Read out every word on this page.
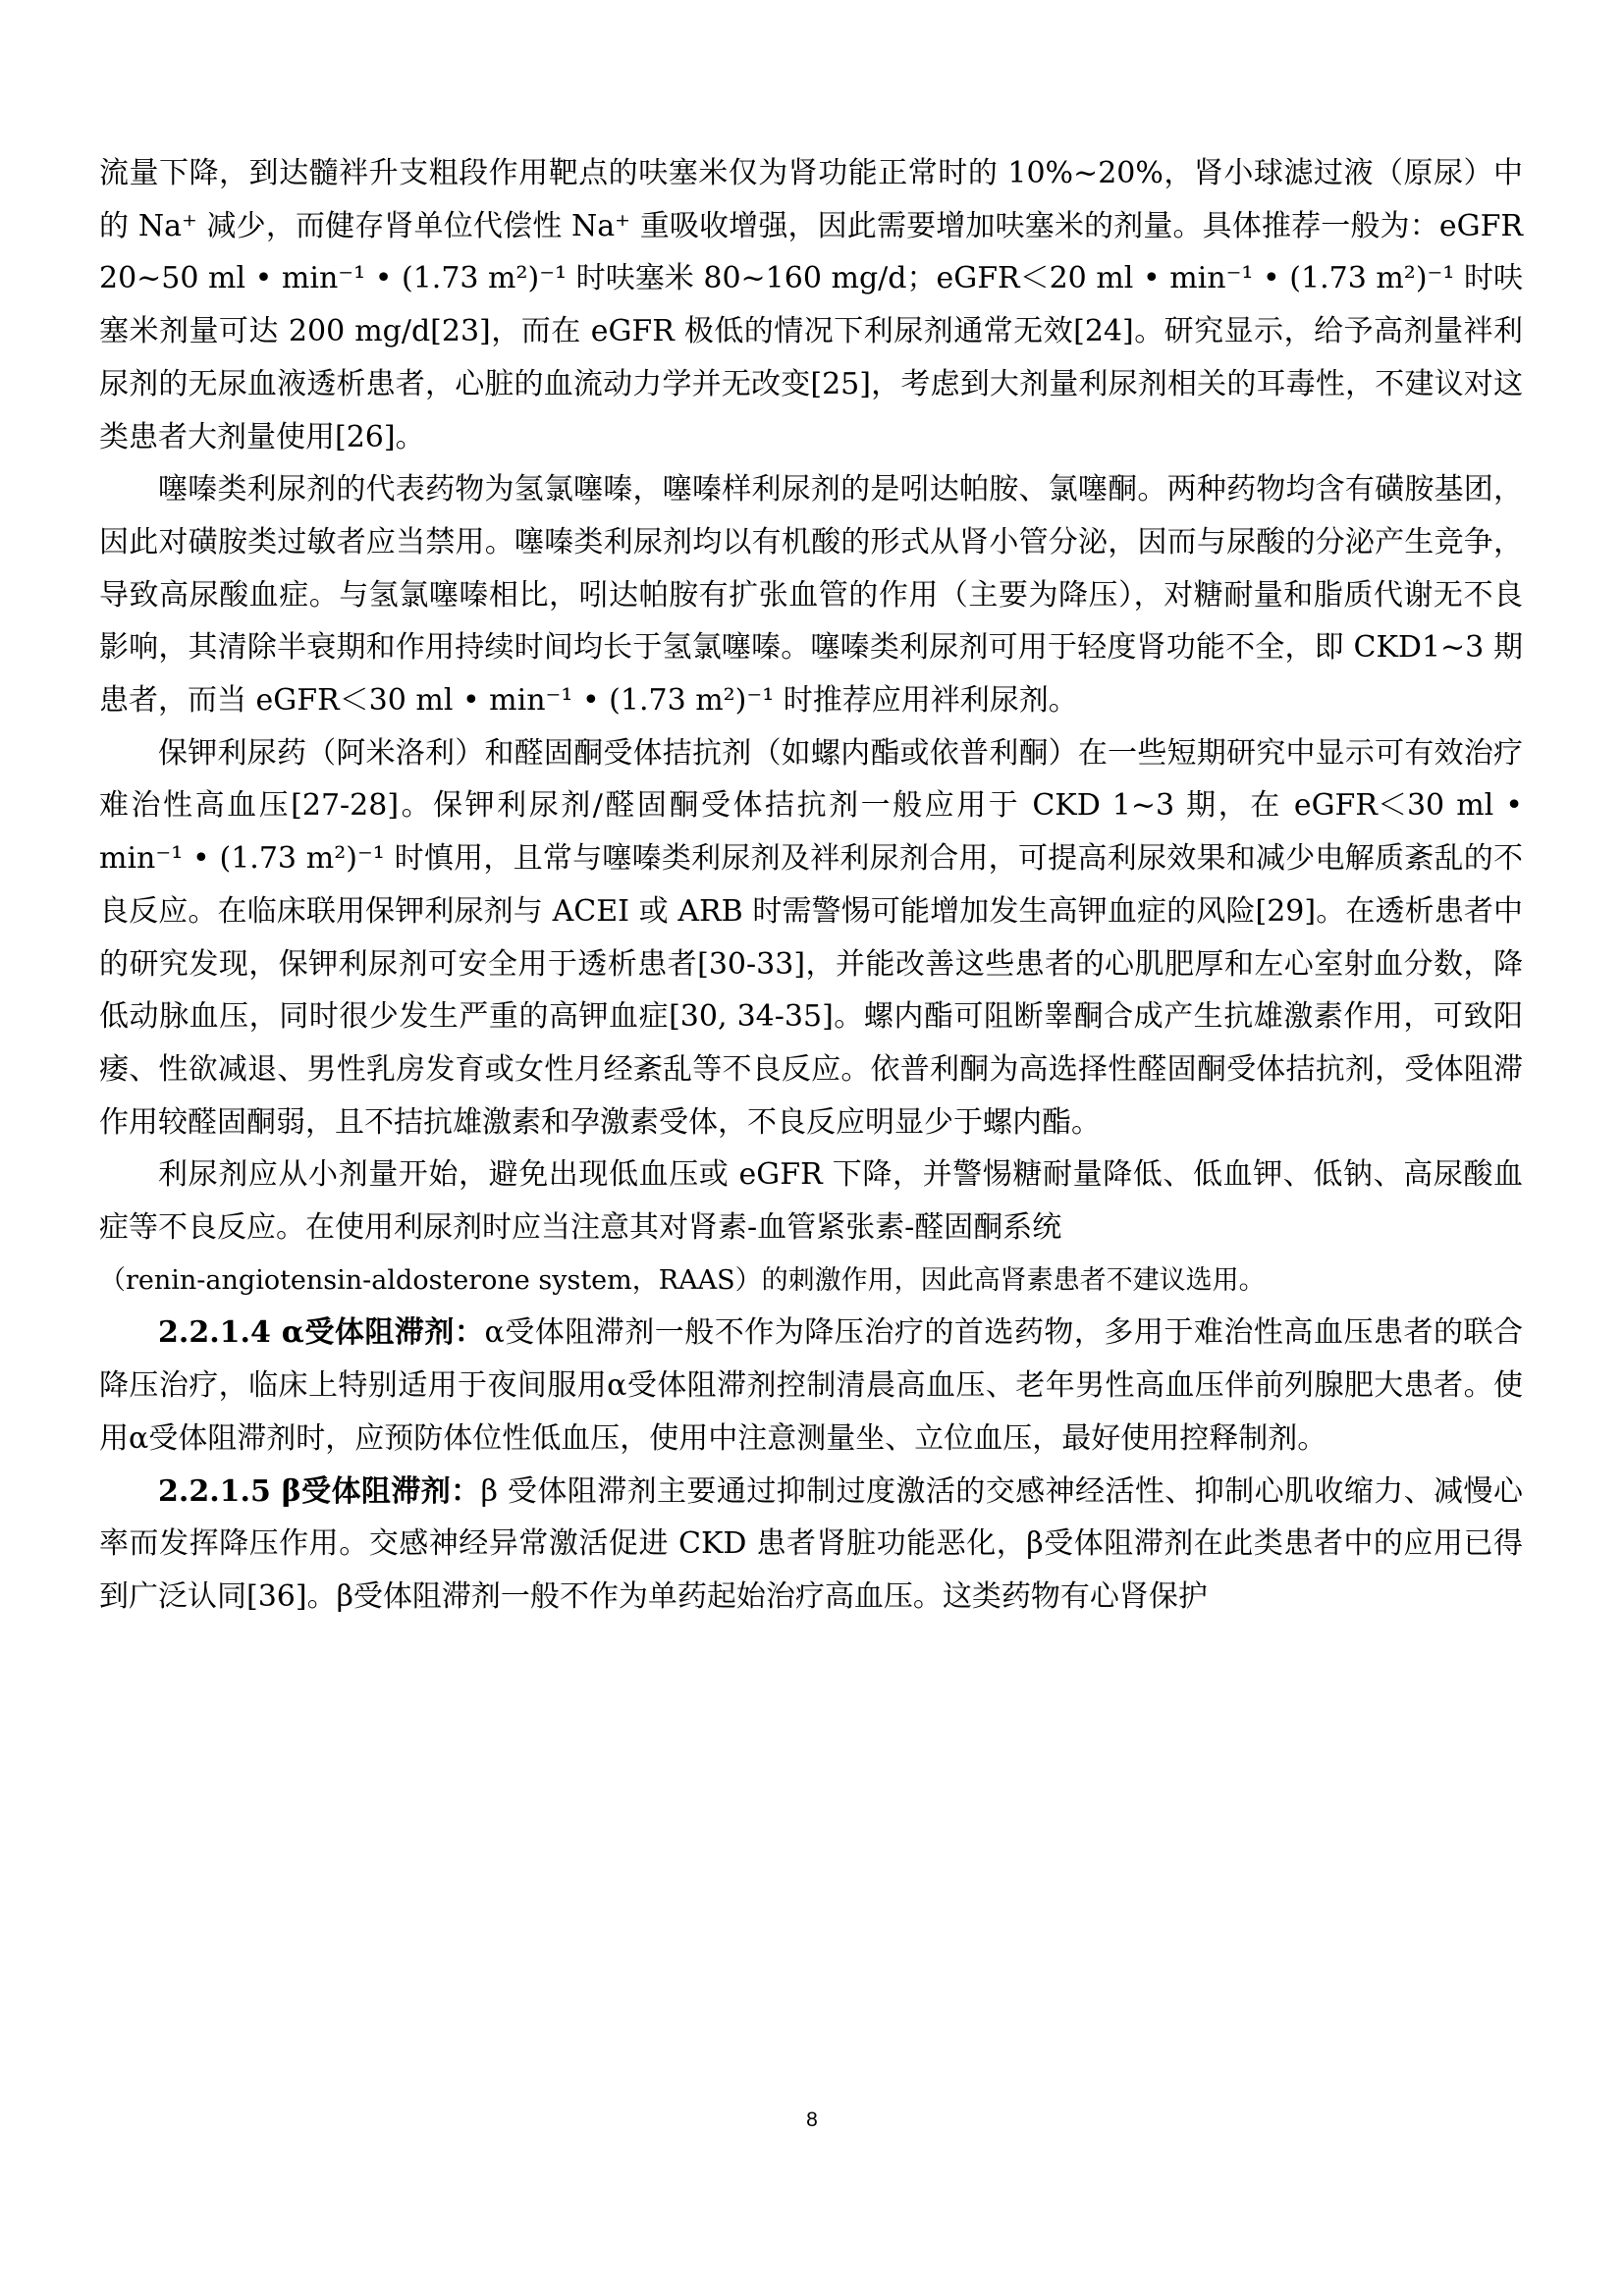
流量下降，到达髓袢升支粗段作用靶点的呋塞米仅为肾功能正常时的 10%~20%，肾小球滤过液（原尿）中的 Na⁺ 减少，而健存肾单位代偿性 Na⁺ 重吸收增强，因此需要增加呋塞米的剂量。具体推荐一般为：eGFR 20~50 ml • min⁻¹ • (1.73 m²)⁻¹ 时呋塞米 80~160 mg/d；eGFR＜20 ml • min⁻¹ • (1.73 m²)⁻¹ 时呋塞米剂量可达 200 mg/d[23]，而在 eGFR 极低的情况下利尿剂通常无效[24]。研究显示，给予高剂量袢利尿剂的无尿血液透析患者，心脏的血流动力学并无改变[25]，考虑到大剂量利尿剂相关的耳毒性，不建议对这类患者大剂量使用[26]。

噻嗪类利尿剂的代表药物为氢氯噻嗪，噻嗪样利尿剂的是吲达帕胺、氯噻酮。两种药物均含有磺胺基团，因此对磺胺类过敏者应当禁用。噻嗪类利尿剂均以有机酸的形式从肾小管分泌，因而与尿酸的分泌产生竞争，导致高尿酸血症。与氢氯噻嗪相比，吲达帕胺有扩张血管的作用（主要为降压），对糖耐量和脂质代谢无不良影响，其清除半衰期和作用持续时间均长于氢氯噻嗪。噻嗪类利尿剂可用于轻度肾功能不全，即 CKD1~3 期患者，而当 eGFR＜30 ml • min⁻¹ • (1.73 m²)⁻¹ 时推荐应用袢利尿剂。

保钾利尿药（阿米洛利）和醛固酮受体拮抗剂（如螺内酯或依普利酮）在一些短期研究中显示可有效治疗难治性高血压[27-28]。保钾利尿剂/醛固酮受体拮抗剂一般应用于 CKD 1~3 期，在 eGFR＜30 ml • min⁻¹ • (1.73 m²)⁻¹ 时慎用，且常与噻嗪类利尿剂及袢利尿剂合用，可提高利尿效果和减少电解质紊乱的不良反应。在临床联用保钾利尿剂与 ACEI 或 ARB 时需警惕可能增加发生高钾血症的风险[29]。在透析患者中的研究发现，保钾利尿剂可安全用于透析患者[30-33]，并能改善这些患者的心肌肥厚和左心室射血分数，降低动脉血压，同时很少发生严重的高钾血症[30, 34-35]。螺内酯可阻断睾酮合成产生抗雄激素作用，可致阳痿、性欲减退、男性乳房发育或女性月经紊乱等不良反应。依普利酮为高选择性醛固酮受体拮抗剂，受体阻滞作用较醛固酮弱，且不拮抗雄激素和孕激素受体，不良反应明显少于螺内酯。

利尿剂应从小剂量开始，避免出现低血压或 eGFR 下降，并警惕糖耐量降低、低血钾、低钠、高尿酸血症等不良反应。在使用利尿剂时应当注意其对肾素-血管紧张素-醛固酮系统

（renin-angiotensin-aldosterone system，RAAS）的刺激作用，因此高肾素患者不建议选用。

2.2.1.4 α受体阻滞剂：α受体阻滞剂一般不作为降压治疗的首选药物，多用于难治性高血压患者的联合降压治疗，临床上特别适用于夜间服用α受体阻滞剂控制清晨高血压、老年男性高血压伴前列腺肥大患者。使用α受体阻滞剂时，应预防体位性低血压，使用中注意测量坐、立位血压，最好使用控释制剂。

2.2.1.5 β受体阻滞剂：β 受体阻滞剂主要通过抑制过度激活的交感神经活性、抑制心肌收缩力、减慢心率而发挥降压作用。交感神经异常激活促进 CKD 患者肾脏功能恶化，β受体阻滞剂在此类患者中的应用已得到广泛认同[36]。β受体阻滞剂一般不作为单药起始治疗高血压。这类药物有心肾保护

8
